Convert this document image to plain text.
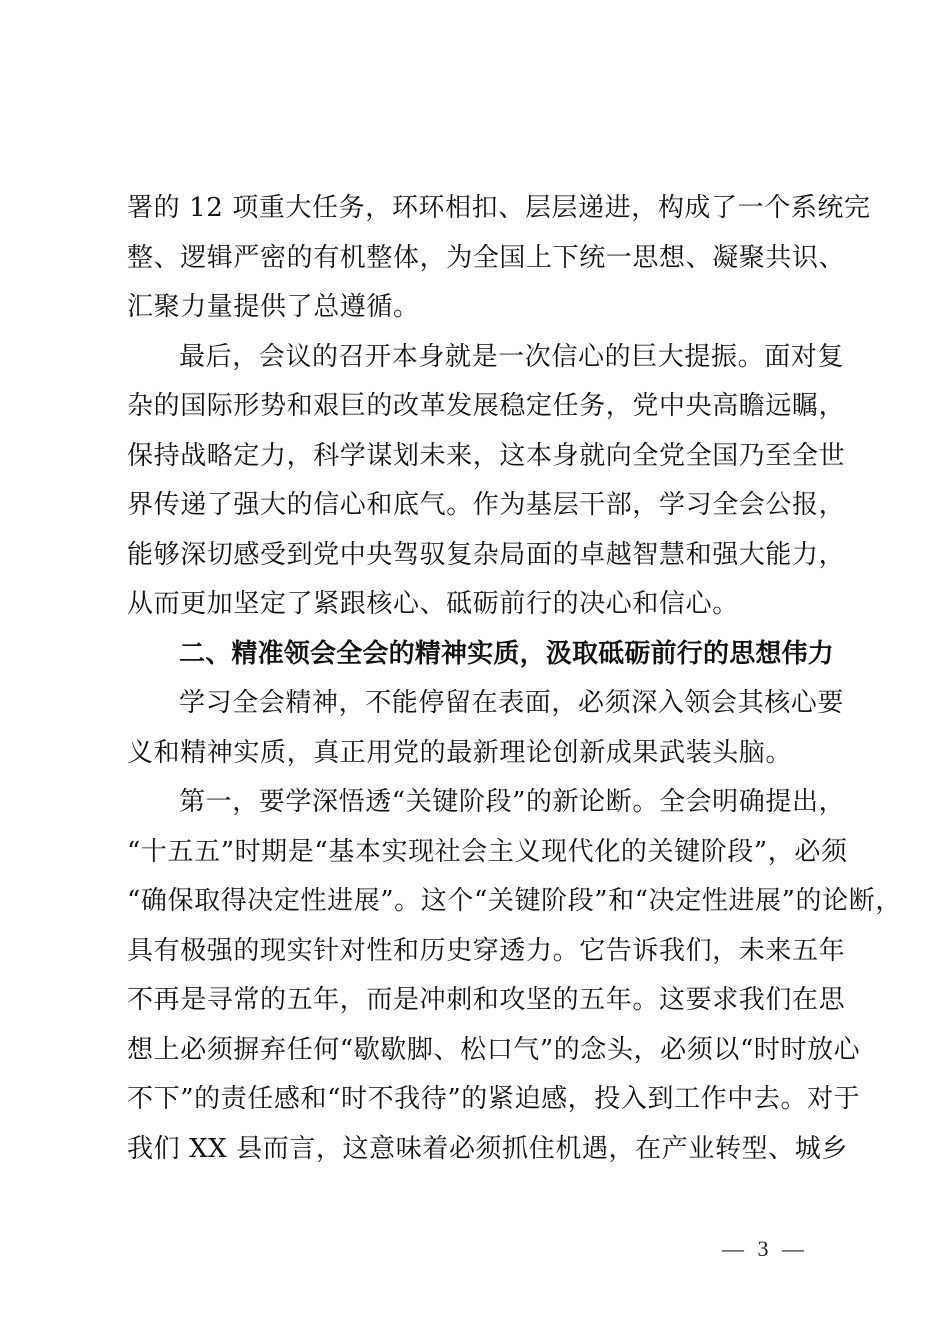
署的 12 项重大任务，环环相扣、层层递进，构成了一个系统完
整、逻辑严密的有机整体，为全国上下统一思想、凝聚共识、
汇聚力量提供了总遵循。
最后，会议的召开本身就是一次信心的巨大提振。面对复
杂的国际形势和艰巨的改革发展稳定任务，党中央高瞻远瞩，
保持战略定力，科学谋划未来，这本身就向全党全国乃至全世
界传递了强大的信心和底气。作为基层干部，学习全会公报，
能够深切感受到党中央驾驭复杂局面的卓越智慧和强大能力，
从而更加坚定了紧跟核心、砥砺前行的决心和信心。
二、精准领会全会的精神实质，汲取砥砺前行的思想伟力
学习全会精神，不能停留在表面，必须深入领会其核心要
义和精神实质，真正用党的最新理论创新成果武装头脑。
第一，要学深悟透“关键阶段”的新论断。全会明确提出，
“十五五”时期是“基本实现社会主义现代化的关键阶段”，必须
“确保取得决定性进展”。这个“关键阶段”和“决定性进展”的论断，
具有极强的现实针对性和历史穿透力。它告诉我们，未来五年
不再是寻常的五年，而是冲刺和攻坚的五年。这要求我们在思
想上必须摒弃任何“歇歇脚、松口气”的念头，必须以“时时放心
不下”的责任感和“时不我待”的紧迫感，投入到工作中去。对于
我们 XX 县而言，这意味着必须抓住机遇，在产业转型、城乡
— 3 —
